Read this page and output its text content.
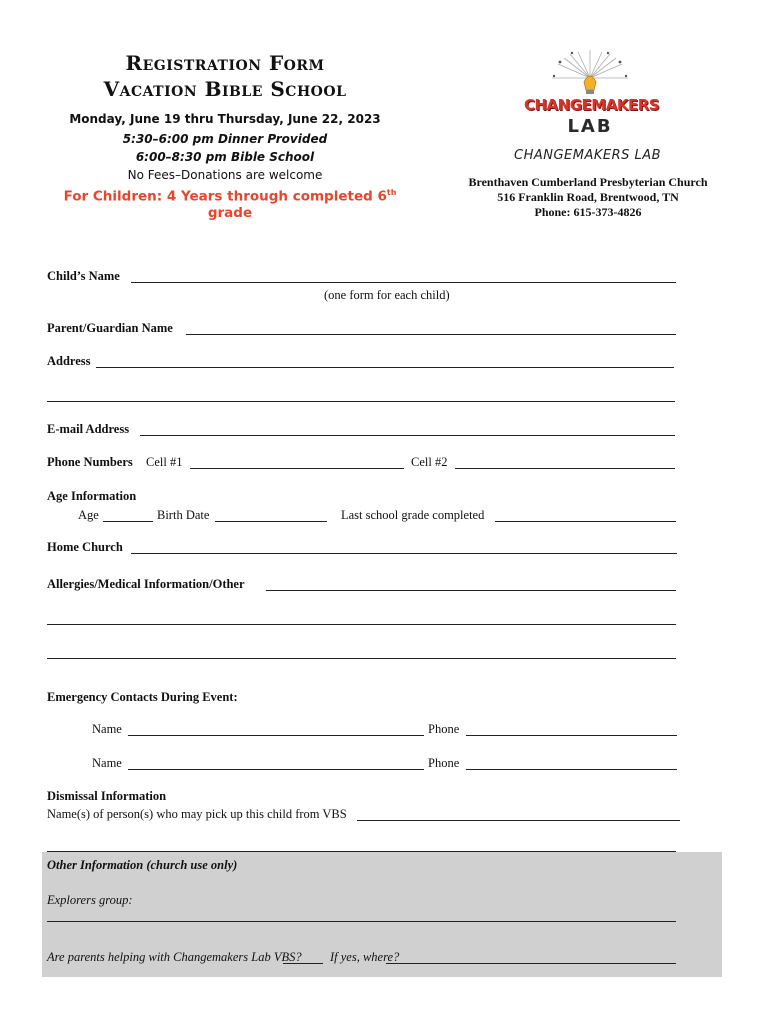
Registration Form
Vacation Bible School
Monday, June 19 thru Thursday, June 22, 2023
5:30–6:00 pm Dinner Provided
6:00–8:30 pm Bible School
No Fees–Donations are welcome
For Children: 4 Years through completed 6th grade
CHANGEMAKERS
LAB
CHANGEMAKERS LAB
Brenthaven Cumberland Presbyterian Church
516 Franklin Road, Brentwood, TN
Phone: 615-373-4826
Child’s Name
(one form for each child)
Parent/Guardian Name
Address
E-mail Address
Phone Numbers Cell #1	Cell #2
Age Information
Age	Birth Date	Last school grade completed
Home Church
Allergies/Medical Information/Other
Emergency Contacts During Event:
Name	Phone
Name	Phone
Dismissal Information
Name(s) of person(s) who may pick up this child from VBS
Other Information (church use only)
Explorers group:
Are parents helping with Changemakers Lab VBS? If yes, where?
